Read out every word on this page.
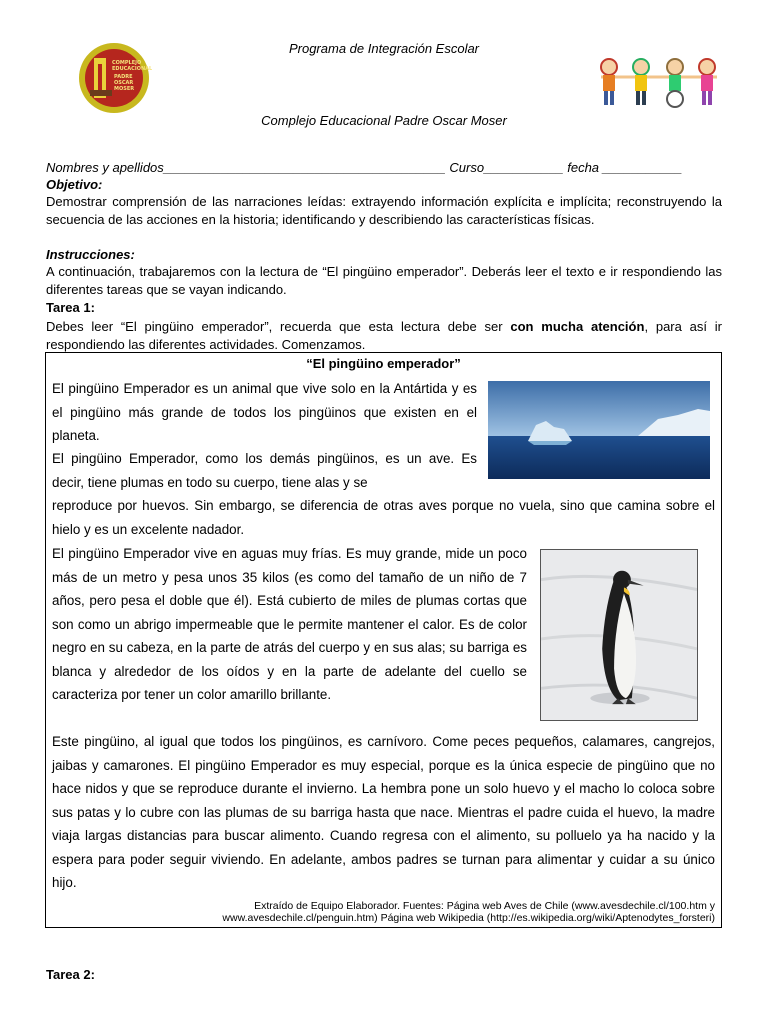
Programa de Integración Escolar
COMPLEJO
EDUCACIONAL
PADRE
OSCAR
MOSER
Complejo Educacional Padre Oscar Moser
Nombres y apellidos_______________________________________ Curso___________ fecha ___________
Objetivo:
Demostrar comprensión de las narraciones leídas: extrayendo información explícita e implícita; reconstruyendo la secuencia de las acciones en la historia; identificando y describiendo las características físicas.
Instrucciones:
A continuación, trabajaremos con la lectura de “El pingüino emperador”. Deberás leer el texto e ir respondiendo las diferentes tareas que se vayan indicando.
Tarea 1:
Debes leer “El pingüino emperador”, recuerda que esta lectura debe ser con mucha atención, para así ir respondiendo las diferentes actividades. Comenzamos.
“El pingüino emperador”
El pingüino Emperador es un animal que vive solo en la Antártida y es el pingüino más grande de todos los pingüinos que existen en el planeta.
El pingüino Emperador, como los demás pingüinos, es un ave. Es decir, tiene plumas en todo su cuerpo, tiene alas y se
reproduce por huevos. Sin embargo, se diferencia de otras aves porque no vuela, sino que camina sobre el hielo y es un excelente nadador.
El pingüino Emperador vive en aguas muy frías. Es muy grande, mide un poco más de un metro y pesa unos 35 kilos (es como del tamaño de un niño de 7 años, pero pesa el doble que él). Está cubierto de miles de plumas cortas que son como un abrigo impermeable que le permite mantener el calor. Es de color negro en su cabeza, en la parte de atrás del cuerpo y en sus alas; su barriga es blanca y alrededor de los oídos y en la parte de adelante del cuello se caracteriza por tener un color amarillo brillante.
Este pingüino, al igual que todos los pingüinos, es carnívoro. Come peces pequeños, calamares, cangrejos, jaibas y camarones. El pingüino Emperador es muy especial, porque es la única especie de pingüino que no hace nidos y que se reproduce durante el invierno. La hembra pone un solo huevo y el macho lo coloca sobre sus patas y lo cubre con las plumas de su barriga hasta que nace. Mientras el padre cuida el huevo, la madre viaja largas distancias para buscar alimento. Cuando regresa con el alimento, su polluelo ya ha nacido y la espera para poder seguir viviendo. En adelante, ambos padres se turnan para alimentar y cuidar a su único hijo.
Extraído de Equipo Elaborador. Fuentes: Página web Aves de Chile (www.avesdechile.cl/100.htm y
www.avesdechile.cl/penguin.htm) Página web Wikipedia (http://es.wikipedia.org/wiki/Aptenodytes_forsteri)
Tarea 2:
